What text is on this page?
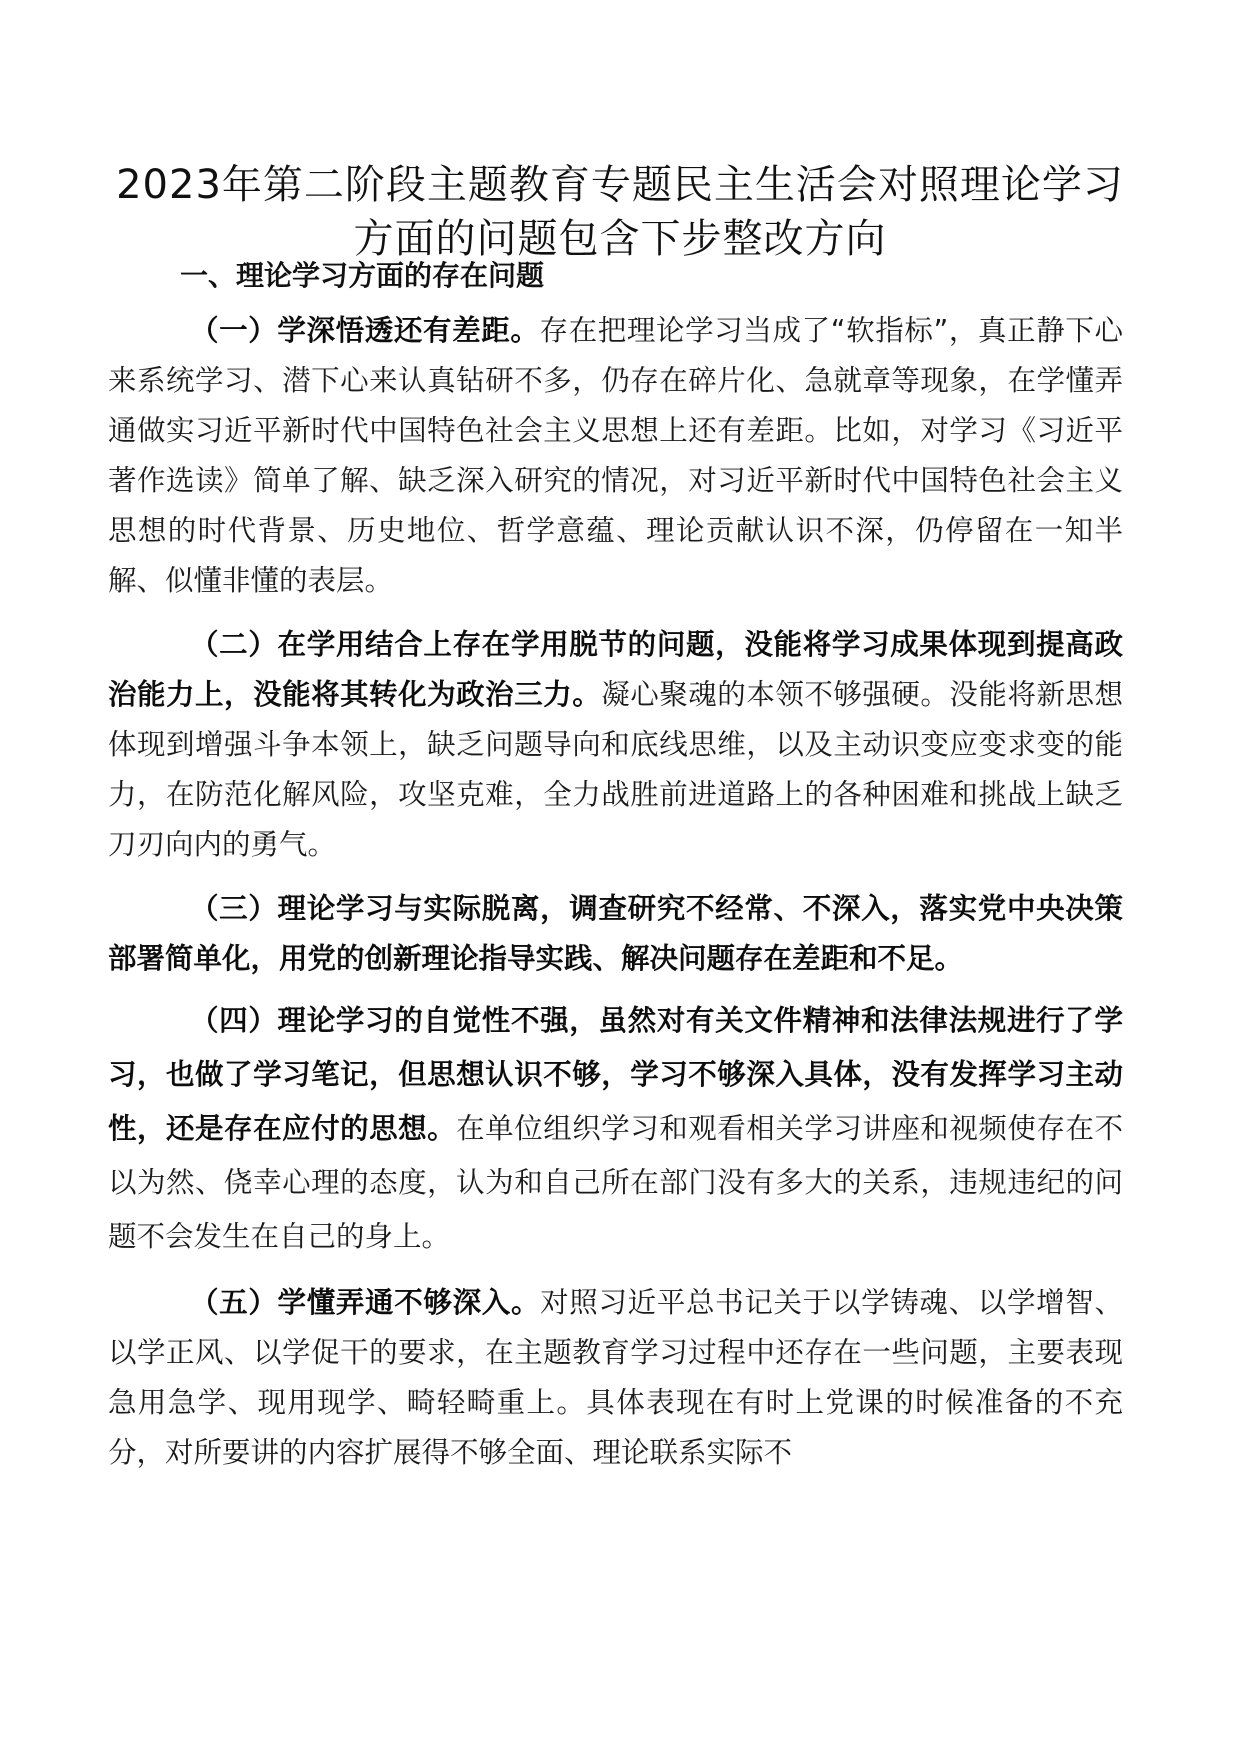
2023年第二阶段主题教育专题民主生活会对照理论学习方面的问题包含下步整改方向

一、理论学习方面的存在问题

（一）学深悟透还有差距。存在把理论学习当成了“软指标”，真正静下心来系统学习、潜下心来认真钻研不多，仍存在碎片化、急就章等现象，在学懂弄通做实习近平新时代中国特色社会主义思想上还有差距。比如，对学习《习近平著作选读》简单了解、缺乏深入研究的情况，对习近平新时代中国特色社会主义思想的时代背景、历史地位、哲学意蕴、理论贡献认识不深，仍停留在一知半解、似懂非懂的表层。

（二）在学用结合上存在学用脱节的问题，没能将学习成果体现到提高政治能力上，没能将其转化为政治三力。凝心聚魂的本领不够强硬。没能将新思想体现到增强斗争本领上，缺乏问题导向和底线思维，以及主动识变应变求变的能力，在防范化解风险，攻坚克难，全力战胜前进道路上的各种困难和挑战上缺乏刀刃向内的勇气。

（三）理论学习与实际脱离，调查研究不经常、不深入，落实党中央决策部署简单化，用党的创新理论指导实践、解决问题存在差距和不足。

（四）理论学习的自觉性不强，虽然对有关文件精神和法律法规进行了学习，也做了学习笔记，但思想认识不够，学习不够深入具体，没有发挥学习主动性，还是存在应付的思想。在单位组织学习和观看相关学习讲座和视频使存在不以为然、侥幸心理的态度，认为和自己所在部门没有多大的关系，违规违纪的问题不会发生在自己的身上。

（五）学懂弄通不够深入。对照习近平总书记关于以学铸魂、以学增智、以学正风、以学促干的要求，在主题教育学习过程中还存在一些问题，主要表现急用急学、现用现学、畸轻畸重上。具体表现在有时上党课的时候准备的不充分，对所要讲的内容扩展得不够全面、理论联系实际不
